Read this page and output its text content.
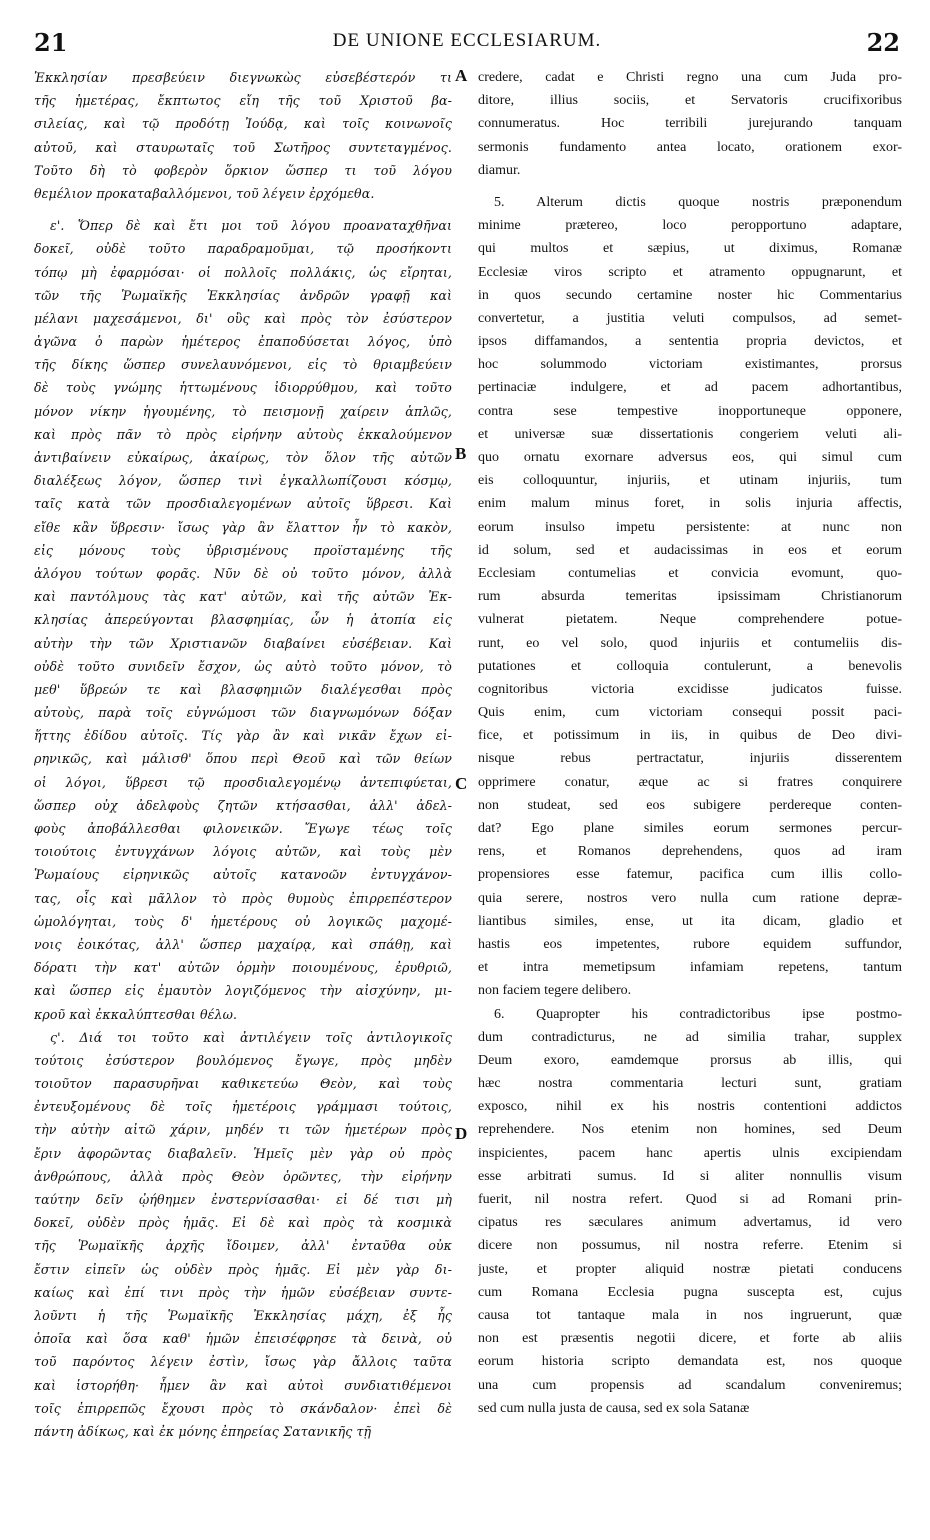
21	DE UNIONE ECCLESIARUM.	22
Ἐκκλησίαν πρεσβεύειν διεγνωκὼς εὐσεβέστερόν τι
τῆς ἡμετέρας, ἔκπτωτος εἴη τῆς τοῦ Χριστοῦ βα-
σιλείας, καὶ τῷ προδότῃ Ἰούδᾳ, καὶ τοῖς κοινωνοῖς
αὐτοῦ, καὶ σταυρωταῖς τοῦ Σωτῆρος συντεταγμένος.
Τοῦτο δὴ τὸ φοβερὸν ὅρκιον ὥσπερ τι τοῦ λόγου
θεμέλιον προκαταβαλλόμενοι, τοῦ λέγειν ἐρχόμεθα.
ε'. Ὅπερ δὲ καὶ ἔτι μοι τοῦ λόγου προαναταχθῆναι
δοκεῖ, οὐδὲ τοῦτο παραδραμοῦμαι, τῷ προσήκοντι
τόπῳ μὴ ἐφαρμόσαι· οἱ πολλοῖς πολλάκις, ὡς εἴρηται,
τῶν τῆς Ῥωμαϊκῆς Ἐκκλησίας ἀνδρῶν γραφῇ καὶ
μέλανι μαχεσάμενοι, δι' οὓς καὶ πρὸς τὸν ἐσύστερον
ἀγῶνα ὁ παρὼν ἡμέτερος ἐπαποδύσεται λόγος, ὑπὸ
τῆς δίκης ὥσπερ συνελαυνόμενοι, εἰς τὸ θριαμβεύειν
δὲ τοὺς γνώμης ἡττωμένους ἰδιορρύθμου, καὶ τοῦτο
μόνον νίκην ἡγουμένης, τὸ πεισμονῇ χαίρειν ἁπλῶς,
καὶ πρὸς πᾶν τὸ πρὸς εἰρήνην αὐτοὺς ἐκκαλούμενον
ἀντιβαίνειν εὐκαίρως, ἀκαίρως, τὸν ὅλον τῆς αὐτῶν
διαλέξεως λόγον, ὥσπερ τινὶ ἐγκαλλωπίζουσι κόσμῳ,
ταῖς κατὰ τῶν προσδιαλεγομένων αὐτοῖς ὕβρεσι. Καὶ
εἴθε κἂν ὕβρεσιν· ἴσως γὰρ ἂν ἔλαττον ἦν τὸ κακὸν,
εἰς μόνους τοὺς ὑβρισμένους προϊσταμένης τῆς
ἀλόγου τούτων φορᾶς. Νῦν δὲ οὐ τοῦτο μόνον, ἀλλὰ
καὶ παντόλμους τὰς κατ' αὐτῶν, καὶ τῆς αὐτῶν Ἐκ-
κλησίας ἀπερεύγονται βλασφημίας, ὧν ἡ ἀτοπία εἰς
αὐτὴν τὴν τῶν Χριστιανῶν διαβαίνει εὐσέβειαν. Καὶ
οὐδὲ τοῦτο συνιδεῖν ἔσχον, ὡς αὐτὸ τοῦτο μόνον, τὸ
μεθ' ὕβρεών τε καὶ βλασφημιῶν διαλέγεσθαι πρὸς
αὐτοὺς, παρὰ τοῖς εὐγνώμοσι τῶν διαγνωμόνων δόξαν
ἥττης ἐδίδου αὐτοῖς. Τίς γὰρ ἂν καὶ νικᾶν ἔχων εἰ-
ρηνικῶς, καὶ μάλισθ' ὅπου περὶ Θεοῦ καὶ τῶν θείων
οἱ λόγοι, ὕβρεσι τῷ προσδιαλεγομένῳ ἀντεπιφύεται,
ὥσπερ οὐχ ἀδελφοὺς ζητῶν κτήσασθαι, ἀλλ' ἀδελ-
φοὺς ἀποβάλλεσθαι φιλονεικῶν. Ἔγωγε τέως τοῖς
τοιούτοις ἐντυγχάνων λόγοις αὐτῶν, καὶ τοὺς μὲν
Ῥωμαίους εἰρηνικῶς αὐτοῖς κατανοῶν ἐντυγχάνον-
τας, οἷς καὶ μᾶλλον τὸ πρὸς θυμοὺς ἐπιρρεπέστερον
ὡμολόγηται, τοὺς δ' ἡμετέρους οὐ λογικῶς μαχομέ-
νοις ἐοικότας, ἀλλ' ὥσπερ μαχαίρᾳ, καὶ σπάθῃ, καὶ
δόρατι τὴν κατ' αὐτῶν ὁρμὴν ποιουμένους, ἐρυθριῶ,
καὶ ὥσπερ εἰς ἐμαυτὸν λογιζόμενος τὴν αἰσχύνην, μι-
κροῦ καὶ ἐκκαλύπτεσθαι θέλω.
ς'. Διά τοι τοῦτο καὶ ἀντιλέγειν τοῖς ἀντιλογικοῖς
τούτοις ἐσύστερον βουλόμενος ἔγωγε, πρὸς μηδὲν
τοιοῦτον παρασυρῆναι καθικετεύω Θεὸν, καὶ τοὺς
ἐντευξομένους δὲ τοῖς ἡμετέροις γράμμασι τούτοις,
τὴν αὐτὴν αἰτῶ χάριν, μηδέν τι τῶν ἡμετέρων πρὸς
ἔριν ἀφορῶντας διαβαλεῖν. Ἡμεῖς μὲν γὰρ οὐ πρὸς
ἀνθρώπους, ἀλλὰ πρὸς Θεὸν ὁρῶντες, τὴν εἰρήνην
ταύτην δεῖν ᾠήθημεν ἐνστερνίσασθαι· εἰ δέ τισι μὴ
δοκεῖ, οὐδὲν πρὸς ἡμᾶς. Εἰ δὲ καὶ πρὸς τὰ κοσμικὰ
τῆς Ῥωμαϊκῆς ἀρχῆς ἴδοιμεν, ἀλλ' ἐνταῦθα οὐκ
ἔστιν εἰπεῖν ὡς οὐδὲν πρὸς ἡμᾶς. Εἰ μὲν γὰρ δι-
καίως καὶ ἐπί τινι πρὸς τὴν ἡμῶν εὐσέβειαν συντε-
λοῦντι ἡ τῆς Ῥωμαϊκῆς Ἐκκλησίας μάχη, ἐξ ἧς
ὁποῖα καὶ ὅσα καθ' ἡμῶν ἐπεισέφρησε τὰ δεινὰ, οὐ
τοῦ παρόντος λέγειν ἐστὶν, ἴσως γὰρ ἄλλοις ταῦτα
καὶ ἱστορήθη· ἧμεν ἂν καὶ αὐτοὶ συνδιατιθέμενοι
τοῖς ἐπιρρεπῶς ἔχουσι πρὸς τὸ σκάνδαλον· ἐπεὶ δὲ
πάντη ἀδίκως, καὶ ἐκ μόνης ἐπηρείας Σατανικῆς τῇ
credere, cadat e Christi regno una cum Juda pro-
ditore, illius sociis, et Servatoris crucifixoribus
connumeratus. Hoc terribili jurejurando tanquam
sermonis fundamento antea locato, orationem exor-
diamur.
5. Alterum dictis quoque nostris præponendum
minime prætereo, loco peropportuno adaptare,
qui multos et sæpius, ut diximus, Romanæ
Ecclesiæ viros scripto et atramento oppugnarunt, et
in quos secundo certamine noster hic Commentarius
convertetur, a justitia veluti compulsos, ad semet-
ipsos diffamandos, a sententia propria devictos, et
hoc solummodo victoriam existimantes, prorsus
pertinaciæ indulgere, et ad pacem adhortantibus,
contra sese tempestive inopportuneque opponere,
et universæ suæ dissertationis congeriem veluti ali-
quo ornatu exornare adversus eos, qui simul cum
eis colloquuntur, injuriis, et utinam injuriis, tum
enim malum minus foret, in solis injuria affectis,
eorum insulso impetu persistente: at nunc non
id solum, sed et audacissimas in eos et eorum
Ecclesiam contumelias et convicia evomunt, quo-
rum absurda temeritas ipsissimam Christianorum
vulnerat pietatem. Neque comprehendere potue-
runt, eo vel solo, quod injuriis et contumeliis dis-
putationes et colloquia contulerunt, a benevolis
cognitoribus victoria excidisse judicatos fuisse.
Quis enim, cum victoriam consequi possit paci-
fice, et potissimum in iis, in quibus de Deo divi-
nisque rebus pertractatur, injuriis disserentem
opprimere conatur, æque ac si fratres conquirere
non studeat, sed eos subigere perdereque conten-
dat? Ego plane similes eorum sermones percur-
rens, et Romanos deprehendens, quos ad iram
propensiores esse fatemur, pacifica cum illis collo-
quia serere, nostros vero nulla cum ratione depræ-
liantibus similes, ense, ut ita dicam, gladio et
hastis eos impetentes, rubore equidem suffundor,
et intra memetipsum infamiam repetens, tantum
non faciem tegere delibero.
6. Quapropter his contradictoribus ipse postmo-
dum contradicturus, ne ad similia trahar, supplex
Deum exoro, eamdemque prorsus ab illis, qui
hæc nostra commentaria lecturi sunt, gratiam
exposco, nihil ex his nostris contentioni addictos
reprehendere. Nos etenim non homines, sed Deum
inspicientes, pacem hanc apertis ulnis excipiendam
esse arbitrati sumus. Id si aliter nonnullis visum
fuerit, nil nostra refert. Quod si ad Romani prin-
cipatus res sæculares animum advertamus, id vero
dicere non possumus, nil nostra referre. Etenim si
juste, et propter aliquid nostræ pietati conducens
cum Romana Ecclesia pugna suscepta est, cujus
causa tot tantaque mala in nos ingruerunt, quæ
non est præsentis negotii dicere, et forte ab aliis
eorum historia scripto demandata est, nos quoque
una cum propensis ad scandalum conveniremus;
sed cum nulla justa de causa, sed ex sola Satanæ
A
B
C
D
